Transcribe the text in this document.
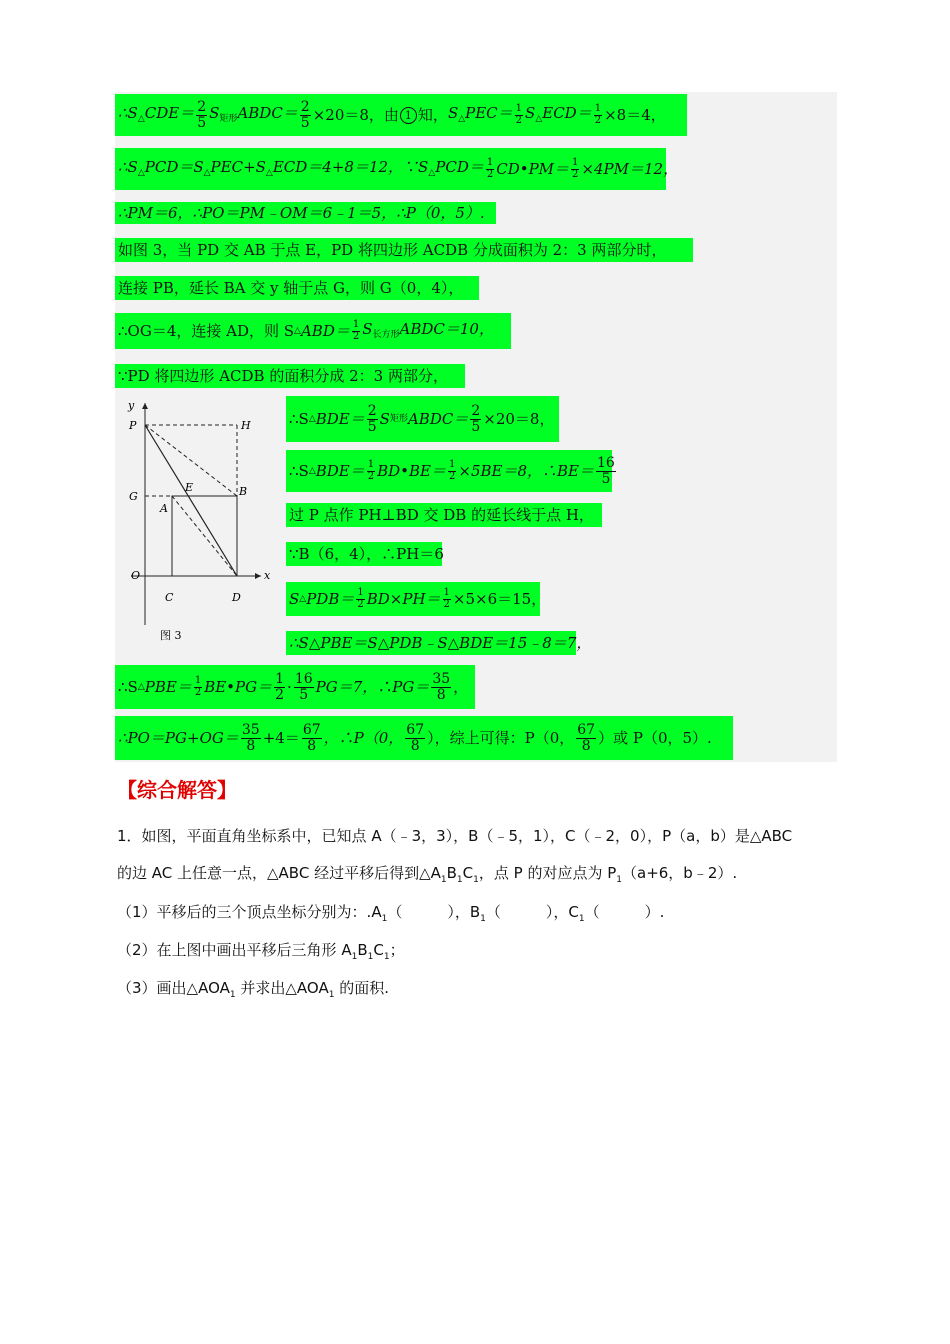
$\therefore S_\triangle CDE= \frac{2}{5}$ $S_{矩形}ABDC= \frac{2}{5} \times 20=8$，由 1 知， $S_\triangle PEC= \frac{1}{2} S_\triangle ECD= \frac{1}{2} \times 8=4$，
$\therefore S_\triangle PCD=S_\triangle PEC+S_\triangle ECD=4+8=12$，$\because S_\triangle PCD= \frac{1}{2}$ CD•PM＝ $\frac{1}{2} \times 4PM=12$，
∴PM＝6，∴PO＝PM﹣OM＝6﹣1＝5，∴P（0，5）.
如图 3，当 PD 交 AB 于点 E，PD 将四边形 ACDB 分成面积为 2：3 两部分时，
连接 PB，延长 BA 交 y 轴于点 G，则 G（0，4），
∴OG＝4，连接 AD，则 S △ $ABD= \frac{1}{2}$ $S_{长方形}ABDC=10$，
∵PD 将四边形 ACDB 的面积分成 2：3 两部分，
y
x
P	H
G
E	B
A
O
C	D
图 3
∴S △ $BDE= \frac{2}{5}$ S 矩形 ABDC＝ $\frac{2}{5} \times 20=8$，
∴S △ $BDE= \frac{1}{2}$ BD•BE＝ $\frac{1}{2} \times 5BE=8$，∴BE＝ $\frac{16}{5}$
过 P 点作 PH⊥BD 交 DB 的延长线于点 H，
∵B（6，4），∴PH＝6
S △ $PDB= \frac{1}{2} BD\times PH= \frac{1}{2} \times 5\times 6=15$，
∴S△PBE＝S△PDB﹣S△BDE＝15﹣8＝7，
∴S △ $PBE= \frac{1}{2}$ BE•PG＝ $\frac{1}{2} \cdot \frac{16}{5} PG=7$，∴PG＝ $\frac{35}{8}$ ，
∴PO＝PG+OG＝ $\frac{35}{8} +4= \frac{67}{8}$ ，∴P（0， $\frac{67}{8}$ ），综上可得：P（0， $\frac{67}{8}$ ）或 P（0，5）.
【综合解答】
1．如图，平面直角坐标系中，已知点 A（﹣3，3），B（﹣5，1），C（﹣2，0），P（a，b）是△ABC
的边 AC 上任意一点，△ABC 经过平移后得到$\triangle A_1B_1C_1$，点 P 的对应点为 $P_1(a+6$，b﹣2）.
（1）平移后的三个顶点坐标分别为：$.A_1$（　　　），$B_1$（　　　），$C_1$（　　　）.
（2）在上图中画出平移后三角形 $A_1B_1C_1$；
（3）画出$\triangle AOA_1$ 并求出$\triangle AOA_1$ 的面积.
